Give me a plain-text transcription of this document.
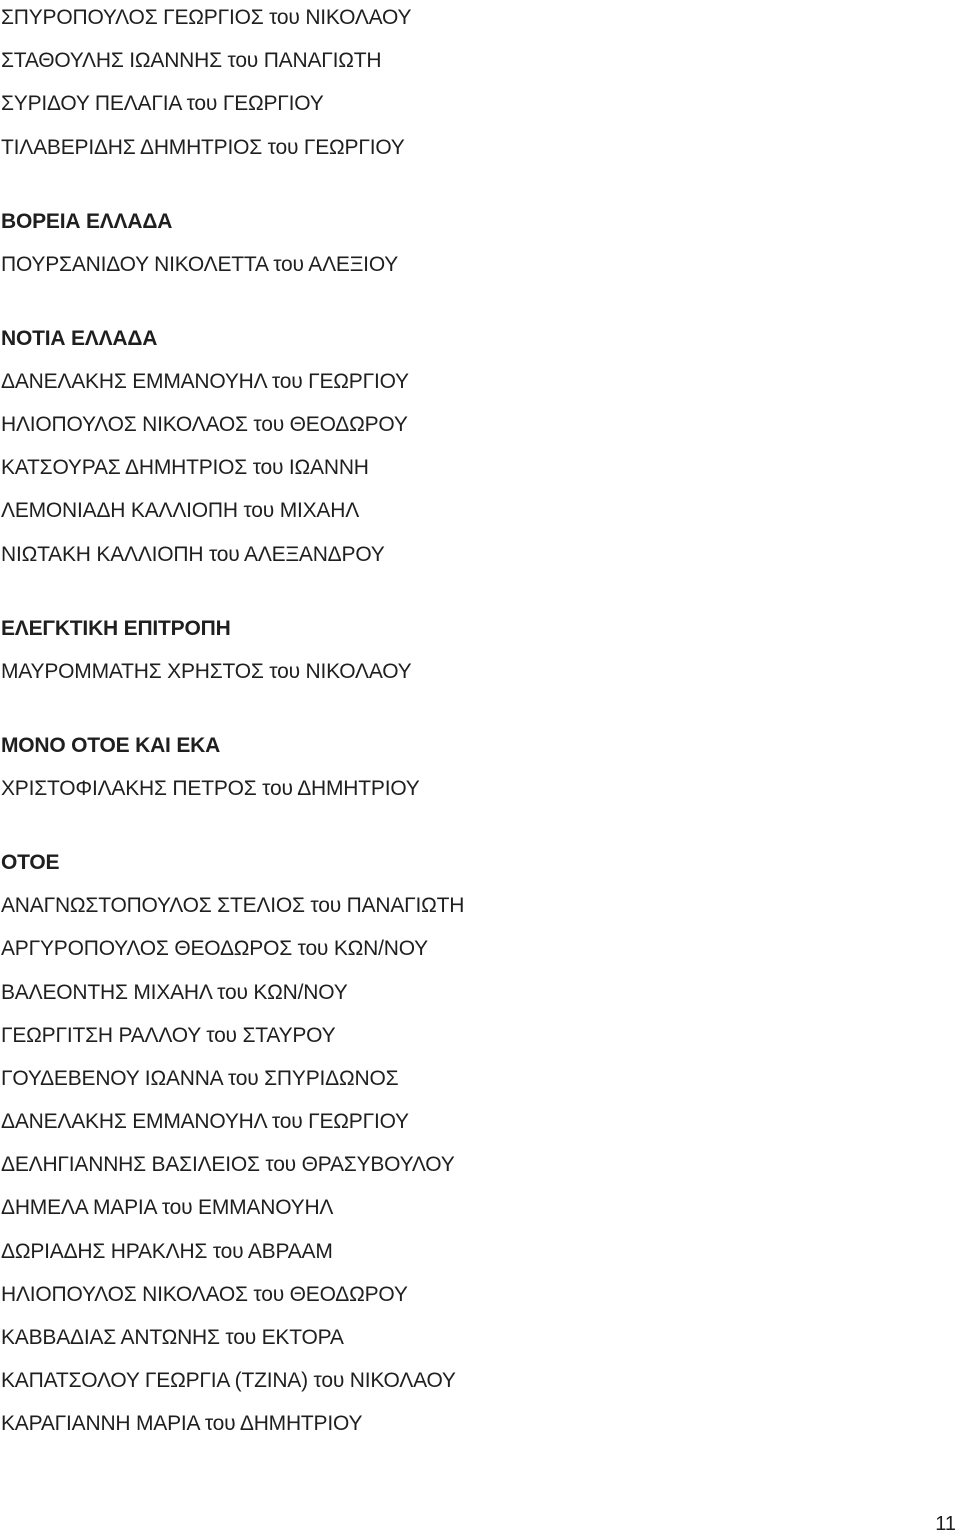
ΣΠΥΡΟΠΟΥΛΟΣ ΓΕΩΡΓΙΟΣ του ΝΙΚΟΛΑΟΥ
ΣΤΑΘΟΥΛΗΣ ΙΩΑΝΝΗΣ του ΠΑΝΑΓΙΩΤΗ
ΣΥΡΙΔΟΥ ΠΕΛΑΓΙΑ του ΓΕΩΡΓΙΟΥ
ΤΙΛΑΒΕΡΙΔΗΣ ΔΗΜΗΤΡΙΟΣ του ΓΕΩΡΓΙΟΥ
ΒΟΡΕΙΑ ΕΛΛΑΔΑ
ΠΟΥΡΣΑΝΙΔΟΥ ΝΙΚΟΛΕΤΤΑ του ΑΛΕΞΙΟΥ
ΝΟΤΙΑ ΕΛΛΑΔΑ
ΔΑΝΕΛΑΚΗΣ ΕΜΜΑΝΟΥΗΛ του ΓΕΩΡΓΙΟΥ
ΗΛΙΟΠΟΥΛΟΣ ΝΙΚΟΛΑΟΣ του ΘΕΟΔΩΡΟΥ
ΚΑΤΣΟΥΡΑΣ ΔΗΜΗΤΡΙΟΣ του ΙΩΑΝΝΗ
ΛΕΜΟΝΙΑΔΗ ΚΑΛΛΙΟΠΗ του ΜΙΧΑΗΛ
ΝΙΩΤΑΚΗ ΚΑΛΛΙΟΠΗ του ΑΛΕΞΑΝΔΡΟΥ
ΕΛΕΓΚΤΙΚΗ ΕΠΙΤΡΟΠΗ
ΜΑΥΡΟΜΜΑΤΗΣ ΧΡΗΣΤΟΣ του ΝΙΚΟΛΑΟΥ
ΜΟΝΟ ΟΤΟΕ ΚΑΙ ΕΚΑ
ΧΡΙΣΤΟΦΙΛΑΚΗΣ ΠΕΤΡΟΣ του ΔΗΜΗΤΡΙΟΥ
ΟΤΟΕ
ΑΝΑΓΝΩΣΤΟΠΟΥΛΟΣ ΣΤΕΛΙΟΣ του ΠΑΝΑΓΙΩΤΗ
ΑΡΓΥΡΟΠΟΥΛΟΣ ΘΕΟΔΩΡΟΣ του ΚΩΝ/ΝΟΥ
ΒΑΛΕΟΝΤΗΣ ΜΙΧΑΗΛ του ΚΩΝ/ΝΟΥ
ΓΕΩΡΓΙΤΣΗ ΡΑΛΛΟΥ του ΣΤΑΥΡΟΥ
ΓΟΥΔΕΒΕΝΟΥ ΙΩΑΝΝΑ του ΣΠΥΡΙΔΩΝΟΣ
ΔΑΝΕΛΑΚΗΣ ΕΜΜΑΝΟΥΗΛ του ΓΕΩΡΓΙΟΥ
ΔΕΛΗΓΙΑΝΝΗΣ ΒΑΣΙΛΕΙΟΣ του ΘΡΑΣΥΒΟΥΛΟΥ
ΔΗΜΕΛΑ ΜΑΡΙΑ του ΕΜΜΑΝΟΥΗΛ
ΔΩΡΙΑΔΗΣ ΗΡΑΚΛΗΣ του ΑΒΡΑΑΜ
ΗΛΙΟΠΟΥΛΟΣ ΝΙΚΟΛΑΟΣ του ΘΕΟΔΩΡΟΥ
ΚΑΒΒΑΔΙΑΣ ΑΝΤΩΝΗΣ του ΕΚΤΟΡΑ
ΚΑΠΑΤΣΟΛΟΥ ΓΕΩΡΓΙΑ (ΤΖΙΝΑ) του ΝΙΚΟΛΑΟΥ
ΚΑΡΑΓΙΑΝΝΗ ΜΑΡΙΑ του ΔΗΜΗΤΡΙΟΥ
11
